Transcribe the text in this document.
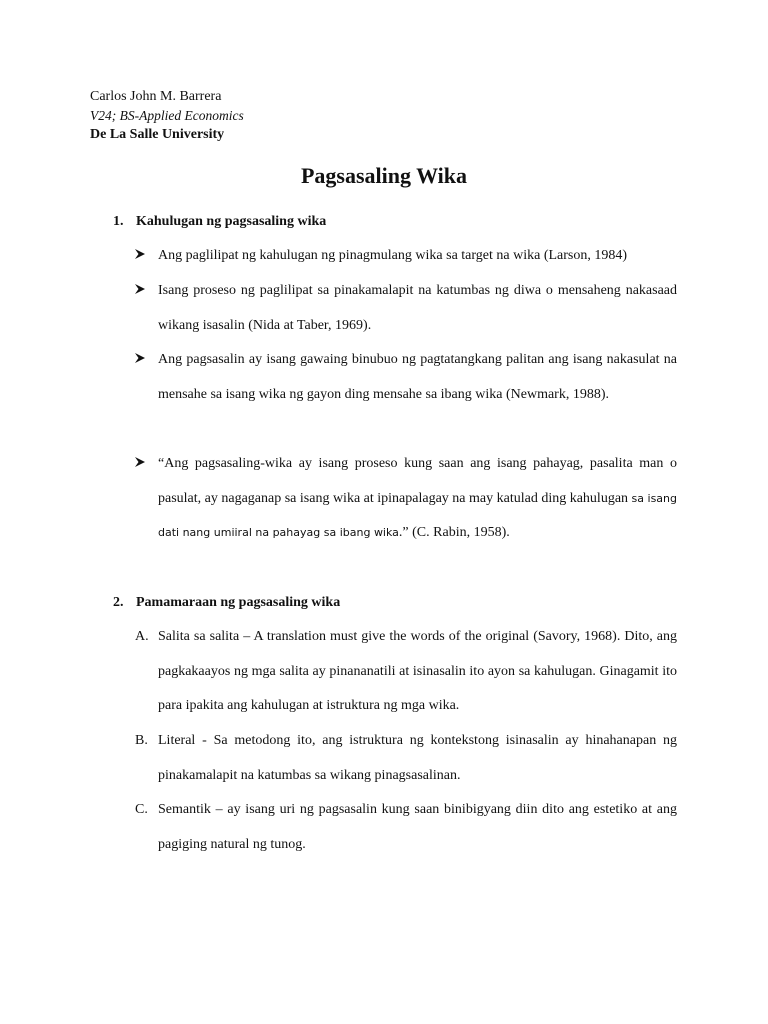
Carlos John M. Barrera
V24; BS-Applied Economics
De La Salle University
Pagsasaling Wika
1. Kahulugan ng pagsasaling wika
Ang paglilipat ng kahulugan ng pinagmulang wika sa target na wika (Larson, 1984)
Isang proseso ng paglilipat sa pinakamalapit na katumbas ng diwa o mensaheng nakasaad wikang isasalin (Nida at Taber, 1969).
Ang pagsasalin ay isang gawaing binubuo ng pagtatangkang palitan ang isang nakasulat na mensahe sa isang wika ng gayon ding mensahe sa ibang wika (Newmark, 1988).
“Ang pagsasaling-wika ay isang proseso kung saan ang isang pahayag, pasalita man o pasulat, ay nagaganap sa isang wika at ipinapalagay na may katulad ding kahulugan sa isang dati nang umiiral na pahayag sa ibang wika.” (C. Rabin, 1958).
2. Pamamaraan ng pagsasaling wika
A. Salita sa salita – A translation must give the words of the original (Savory, 1968). Dito, ang pagkakaayos ng mga salita ay pinananatili at isinasalin ito ayon sa kahulugan. Ginagamit ito para ipakita ang kahulugan at istruktura ng mga wika.
B. Literal - Sa metodong ito, ang istruktura ng kontekstong isinasalin ay hinahanapan ng pinakamalapit na katumbas sa wikang pinagsasalinan.
C. Semantik – ay isang uri ng pagsasalin kung saan binibigyang diin dito ang estetiko at ang pagiging natural ng tunog.
